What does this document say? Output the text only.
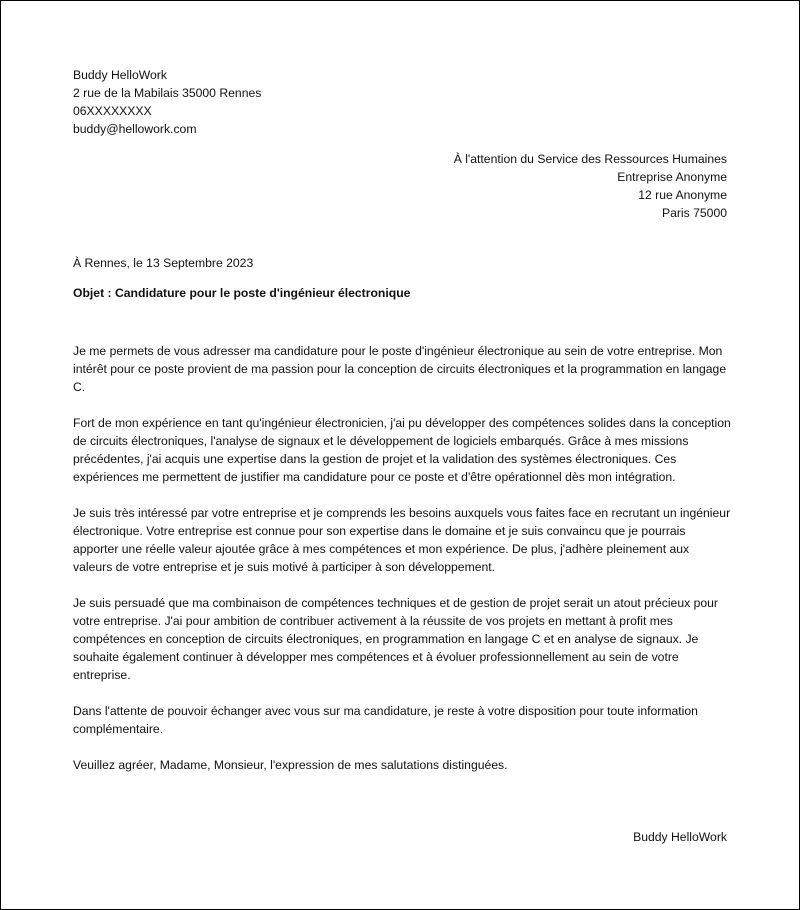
Buddy HelloWork
2 rue de la Mabilais 35000 Rennes
06XXXXXXXX
buddy@hellowork.com
À l'attention du Service des Ressources Humaines
Entreprise Anonyme
12 rue Anonyme
Paris 75000
À Rennes, le 13 Septembre 2023
Objet : Candidature pour le poste d'ingénieur électronique

Je me permets de vous adresser ma candidature pour le poste d'ingénieur électronique au sein de votre entreprise. Mon intérêt pour ce poste provient de ma passion pour la conception de circuits électroniques et la programmation en langage C.

Fort de mon expérience en tant qu'ingénieur électronicien, j'ai pu développer des compétences solides dans la conception de circuits électroniques, l'analyse de signaux et le développement de logiciels embarqués. Grâce à mes missions précédentes, j'ai acquis une expertise dans la gestion de projet et la validation des systèmes électroniques. Ces expériences me permettent de justifier ma candidature pour ce poste et d'être opérationnel dès mon intégration.

Je suis très intéressé par votre entreprise et je comprends les besoins auxquels vous faites face en recrutant un ingénieur électronique. Votre entreprise est connue pour son expertise dans le domaine et je suis convaincu que je pourrais apporter une réelle valeur ajoutée grâce à mes compétences et mon expérience. De plus, j'adhère pleinement aux valeurs de votre entreprise et je suis motivé à participer à son développement.

Je suis persuadé que ma combinaison de compétences techniques et de gestion de projet serait un atout précieux pour votre entreprise. J'ai pour ambition de contribuer activement à la réussite de vos projets en mettant à profit mes compétences en conception de circuits électroniques, en programmation en langage C et en analyse de signaux. Je souhaite également continuer à développer mes compétences et à évoluer professionnellement au sein de votre entreprise.

Dans l'attente de pouvoir échanger avec vous sur ma candidature, je reste à votre disposition pour toute information complémentaire.

Veuillez agréer, Madame, Monsieur, l'expression de mes salutations distinguées.

Buddy HelloWork
